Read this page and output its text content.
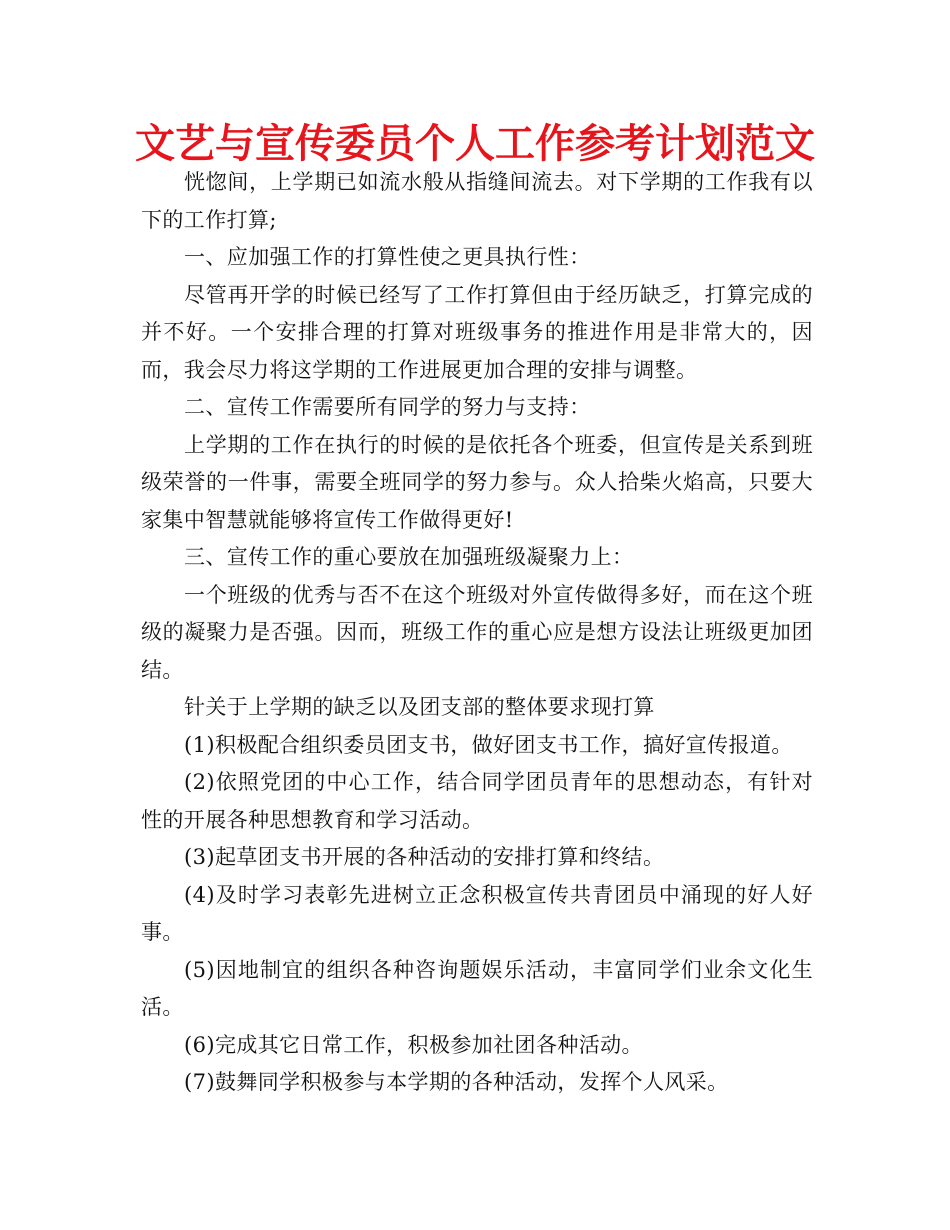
文艺与宣传委员个人工作参考计划范文

恍惚间，上学期已如流水般从指缝间流去。对下学期的工作我有以下的工作打算;

一、应加强工作的打算性使之更具执行性：

尽管再开学的时候已经写了工作打算但由于经历缺乏，打算完成的并不好。一个安排合理的打算对班级事务的推进作用是非常大的，因而，我会尽力将这学期的工作进展更加合理的安排与调整。

二、宣传工作需要所有同学的努力与支持：

上学期的工作在执行的时候的是依托各个班委，但宣传是关系到班级荣誉的一件事，需要全班同学的努力参与。众人拾柴火焰高，只要大家集中智慧就能够将宣传工作做得更好!

三、宣传工作的重心要放在加强班级凝聚力上：

一个班级的优秀与否不在这个班级对外宣传做得多好，而在这个班级的凝聚力是否强。因而，班级工作的重心应是想方设法让班级更加团结。

针关于上学期的缺乏以及团支部的整体要求现打算

(1)积极配合组织委员团支书，做好团支书工作，搞好宣传报道。

(2)依照党团的中心工作，结合同学团员青年的思想动态，有针对性的开展各种思想教育和学习活动。

(3)起草团支书开展的各种活动的安排打算和终结。

(4)及时学习表彰先进树立正念积极宣传共青团员中涌现的好人好事。

(5)因地制宜的组织各种咨询题娱乐活动，丰富同学们业余文化生活。

(6)完成其它日常工作，积极参加社团各种活动。

(7)鼓舞同学积极参与本学期的各种活动，发挥个人风采。
